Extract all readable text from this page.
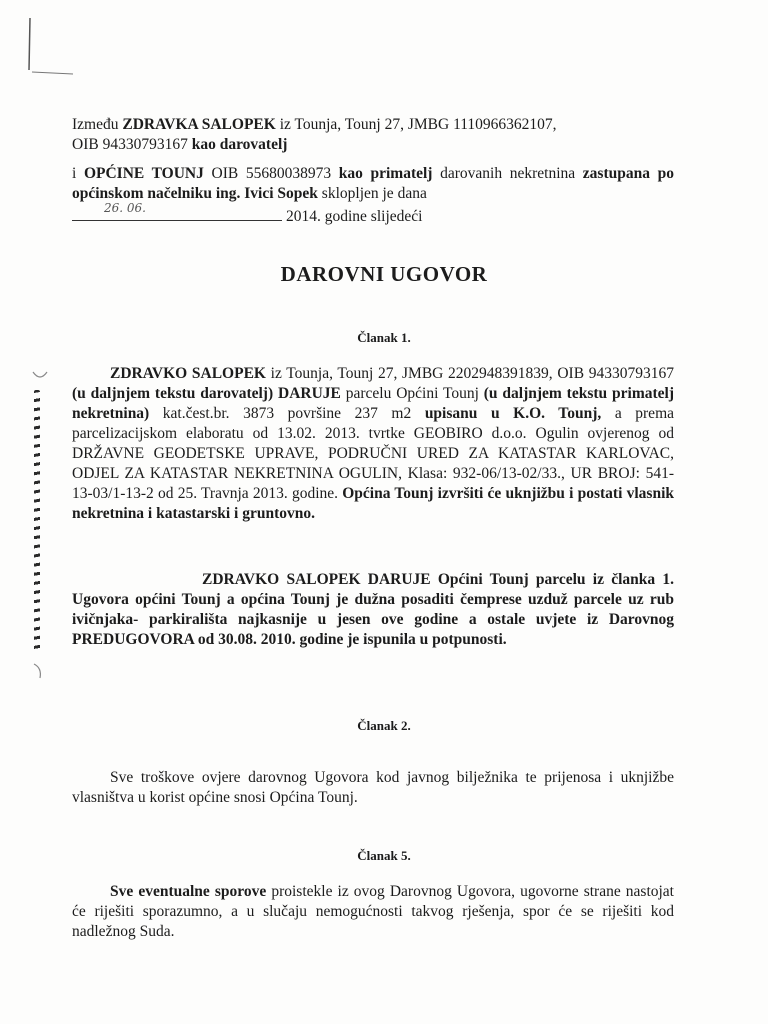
Između ZDRAVKA SALOPEK iz Tounja, Tounj 27, JMBG 1110966362107,
OIB 94330793167 kao darovatelj
i OPĆINE TOUNJ OIB 55680038973 kao primatelj darovanih nekretnina zastupana po općinskom načelniku ing. Ivici Sopek sklopljen je dana

26. 06.	2014. godine slijedeći
DAROVNI UGOVOR
Članak 1.
ZDRAVKO SALOPEK iz Tounja, Tounj 27, JMBG 2202948391839, OIB 94330793167 (u daljnjem tekstu darovatelj) DARUJE parcelu Općini Tounj (u daljnjem tekstu primatelj nekretnina) kat.čest.br. 3873 površine 237 m2 upisanu u K.O. Tounj, a prema parcelizacijskom elaboratu od 13.02. 2013. tvrtke GEOBIRO d.o.o. Ogulin ovjerenog od DRŽAVNE GEODETSKE UPRAVE, PODRUČNI URED ZA KATASTAR KARLOVAC, ODJEL ZA KATASTAR NEKRETNINA OGULIN, Klasa: 932-06/13-02/33., UR BROJ: 541-13-03/1-13-2 od 25. Travnja 2013. godine. Općina Tounj izvršiti će uknjižbu i postati vlasnik nekretnina i katastarski i gruntovno.
ZDRAVKO SALOPEK DARUJE Općini Tounj parcelu iz članka 1. Ugovora općini Tounj a općina Tounj je dužna posaditi čemprese uzduž parcele uz rub ivičnjaka- parkirališta najkasnije u jesen ove godine a ostale uvjete iz Darovnog PREDUGOVORA od 30.08. 2010. godine je ispunila u potpunosti.
Članak 2.
Sve troškove ovjere darovnog Ugovora kod javnog bilježnika te prijenosa i uknjižbe vlasništva u korist općine snosi Općina Tounj.
Članak 5.
Sve eventualne sporove proistekle iz ovog Darovnog Ugovora, ugovorne strane nastojat će riješiti sporazumno, a u slučaju nemogućnosti takvog rješenja, spor će se riješiti kod nadležnog Suda.
